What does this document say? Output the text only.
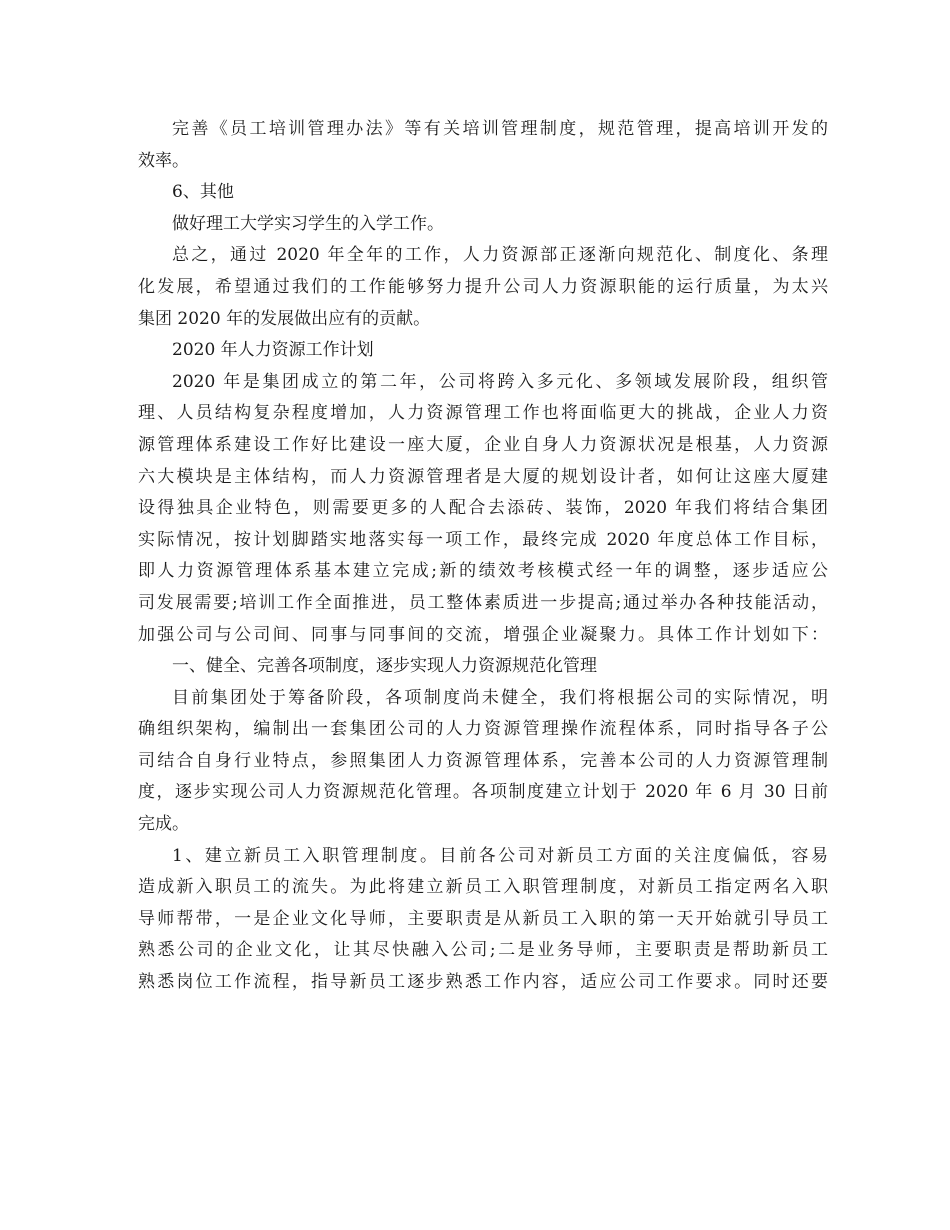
完善《员工培训管理办法》等有关培训管理制度，规范管理，提高培训开发的
效率。
6、其他
做好理工大学实习学生的入学工作。
总之，通过 2020 年全年的工作，人力资源部正逐渐向规范化、制度化、条理
化发展，希望通过我们的工作能够努力提升公司人力资源职能的运行质量，为太兴
集团 2020 年的发展做出应有的贡献。
2020 年人力资源工作计划
2020 年是集团成立的第二年，公司将跨入多元化、多领域发展阶段，组织管
理、人员结构复杂程度增加，人力资源管理工作也将面临更大的挑战，企业人力资
源管理体系建设工作好比建设一座大厦，企业自身人力资源状况是根基，人力资源
六大模块是主体结构，而人力资源管理者是大厦的规划设计者，如何让这座大厦建
设得独具企业特色，则需要更多的人配合去添砖、装饰，2020 年我们将结合集团
实际情况，按计划脚踏实地落实每一项工作，最终完成 2020 年度总体工作目标，
即人力资源管理体系基本建立完成;新的绩效考核模式经一年的调整，逐步适应公
司发展需要;培训工作全面推进，员工整体素质进一步提高;通过举办各种技能活动，
加强公司与公司间、同事与同事间的交流，增强企业凝聚力。具体工作计划如下：
一、健全、完善各项制度，逐步实现人力资源规范化管理
目前集团处于筹备阶段，各项制度尚未健全，我们将根据公司的实际情况，明
确组织架构，编制出一套集团公司的人力资源管理操作流程体系，同时指导各子公
司结合自身行业特点，参照集团人力资源管理体系，完善本公司的人力资源管理制
度，逐步实现公司人力资源规范化管理。各项制度建立计划于 2020 年 6 月 30 日前
完成。
1、建立新员工入职管理制度。目前各公司对新员工方面的关注度偏低，容易
造成新入职员工的流失。为此将建立新员工入职管理制度，对新员工指定两名入职
导师帮带，一是企业文化导师，主要职责是从新员工入职的第一天开始就引导员工
熟悉公司的企业文化，让其尽快融入公司;二是业务导师，主要职责是帮助新员工
熟悉岗位工作流程，指导新员工逐步熟悉工作内容，适应公司工作要求。同时还要
